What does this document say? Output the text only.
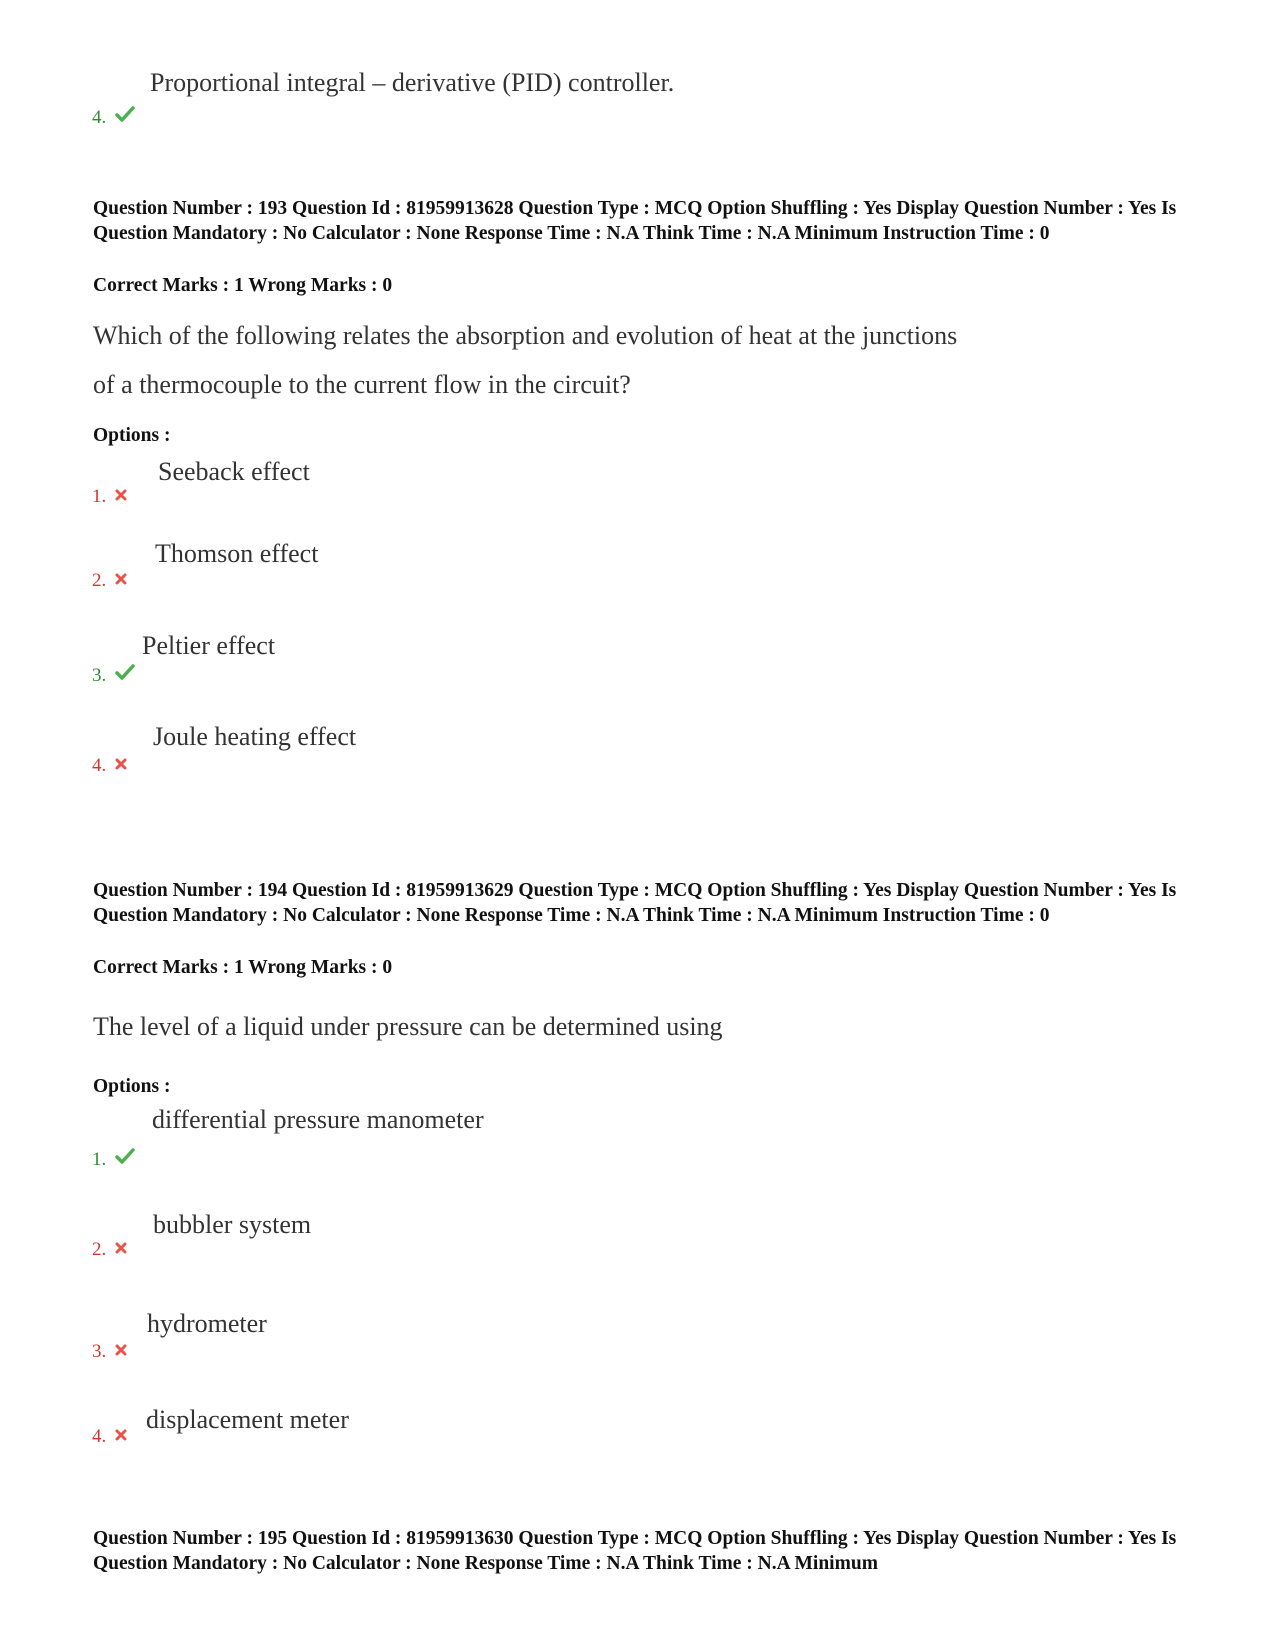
Proportional integral – derivative (PID) controller.
4.
Question Number : 193 Question Id : 81959913628 Question Type : MCQ Option Shuffling : Yes Display Question Number : Yes Is Question Mandatory : No Calculator : None Response Time : N.A Think Time : N.A Minimum Instruction Time : 0
Correct Marks : 1 Wrong Marks : 0
Which of the following relates the absorption and evolution of heat at the junctions
of a thermocouple to the current flow in the circuit?
Options :
Seeback effect
1.
Thomson effect
2.
Peltier effect
3.
Joule heating effect
4.
Question Number : 194 Question Id : 81959913629 Question Type : MCQ Option Shuffling : Yes Display Question Number : Yes Is Question Mandatory : No Calculator : None Response Time : N.A Think Time : N.A Minimum Instruction Time : 0
Correct Marks : 1 Wrong Marks : 0
The level of a liquid under pressure can be determined using
Options :
differential pressure manometer
1.
bubbler system
2.
hydrometer
3.
displacement meter
4.
Question Number : 195 Question Id : 81959913630 Question Type : MCQ Option Shuffling : Yes Display Question Number : Yes Is Question Mandatory : No Calculator : None Response Time : N.A Think Time : N.A Minimum
